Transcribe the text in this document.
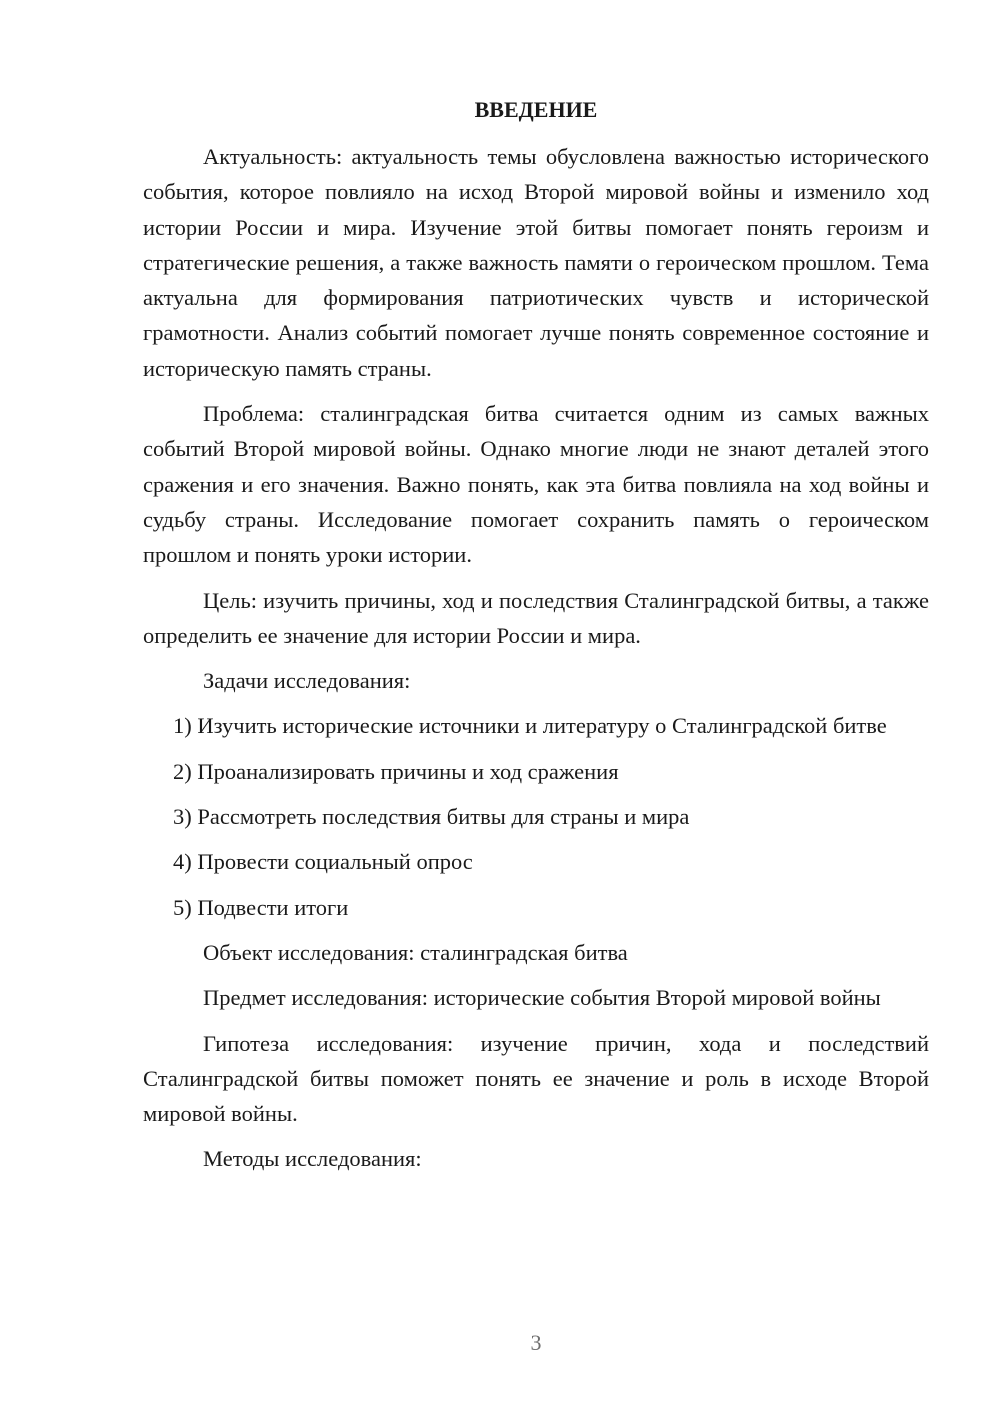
ВВЕДЕНИЕ

Актуальность: актуальность темы обусловлена важностью исторического события, которое повлияло на исход Второй мировой войны и изменило ход истории России и мира. Изучение этой битвы помогает понять героизм и стратегические решения, а также важность памяти о героическом прошлом. Тема актуальна для формирования патриотических чувств и исторической грамотности. Анализ событий помогает лучше понять современное состояние и историческую память страны.

Проблема: сталинградская битва считается одним из самых важных событий Второй мировой войны. Однако многие люди не знают деталей этого сражения и его значения. Важно понять, как эта битва повлияла на ход войны и судьбу страны. Исследование помогает сохранить память о героическом прошлом и понять уроки истории.

Цель: изучить причины, ход и последствия Сталинградской битвы, а также определить ее значение для истории России и мира.

Задачи исследования:

1) Изучить исторические источники и литературу о Сталинградской битве

2) Проанализировать причины и ход сражения

3) Рассмотреть последствия битвы для страны и мира

4) Провести социальный опрос

5) Подвести итоги

Объект исследования: сталинградская битва

Предмет исследования: исторические события Второй мировой войны

Гипотеза исследования: изучение причин, хода и последствий Сталинградской битвы поможет понять ее значение и роль в исходе Второй мировой войны.

Методы исследования:

3
